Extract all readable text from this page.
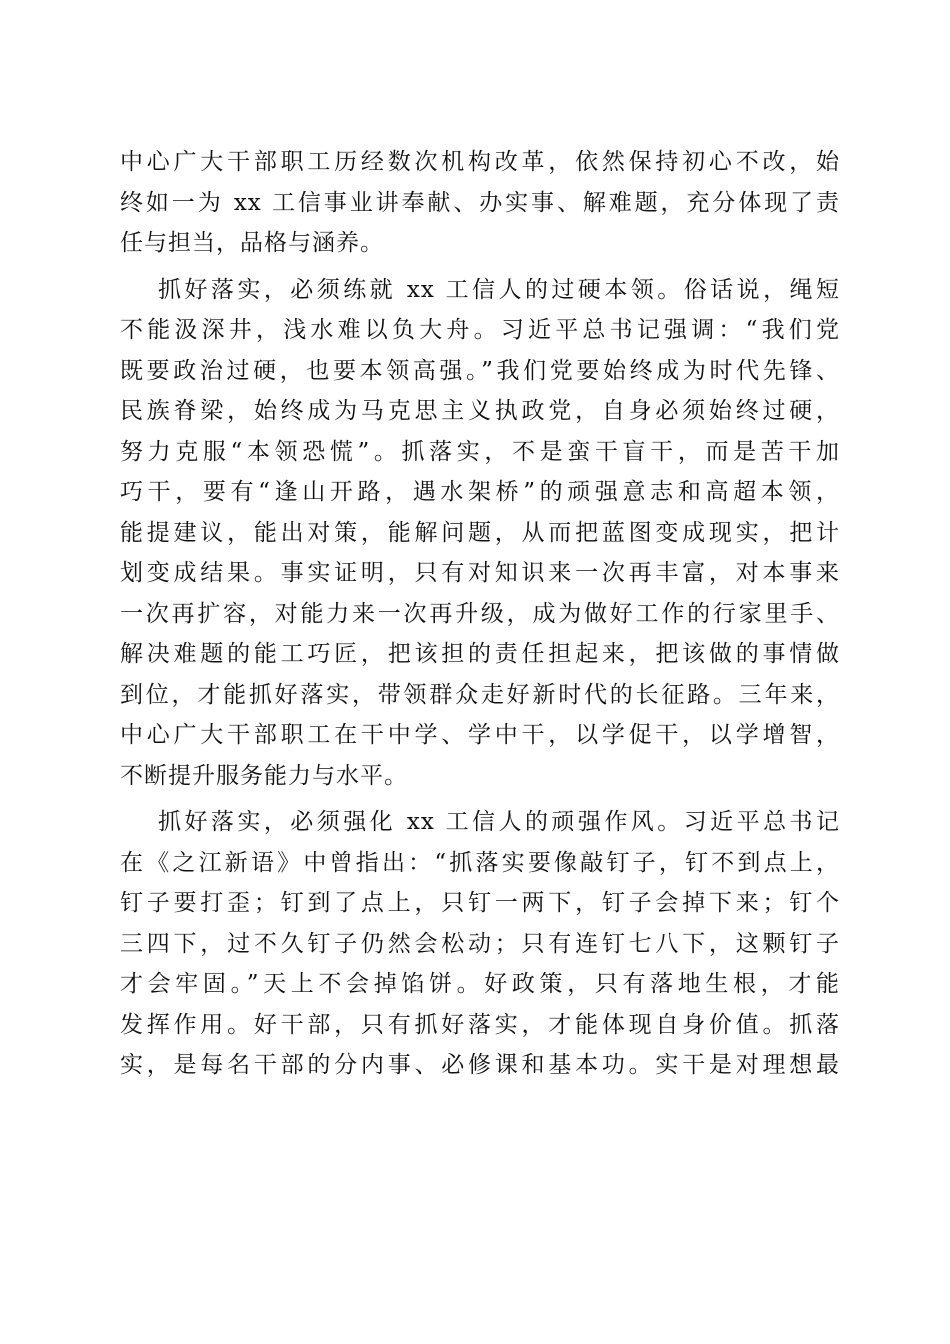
中心广大干部职工历经数次机构改革，依然保持初心不改，始
终如一为 xx 工信事业讲奉献、办实事、解难题，充分体现了责
任与担当，品格与涵养。
抓好落实，必须练就 xx 工信人的过硬本领。俗话说，绳短
不能汲深井，浅水难以负大舟。习近平总书记强调：“我们党
既要政治过硬，也要本领高强。”我们党要始终成为时代先锋、
民族脊梁，始终成为马克思主义执政党，自身必须始终过硬，
努力克服“本领恐慌”。抓落实，不是蛮干盲干，而是苦干加
巧干，要有“逢山开路，遇水架桥”的顽强意志和高超本领，
能提建议，能出对策，能解问题，从而把蓝图变成现实，把计
划变成结果。事实证明，只有对知识来一次再丰富，对本事来
一次再扩容，对能力来一次再升级，成为做好工作的行家里手、
解决难题的能工巧匠，把该担的责任担起来，把该做的事情做
到位，才能抓好落实，带领群众走好新时代的长征路。三年来，
中心广大干部职工在干中学、学中干，以学促干，以学增智，
不断提升服务能力与水平。
抓好落实，必须强化 xx 工信人的顽强作风。习近平总书记
在《之江新语》中曾指出：“抓落实要像敲钉子，钉不到点上，
钉子要打歪；钉到了点上，只钉一两下，钉子会掉下来；钉个
三四下，过不久钉子仍然会松动；只有连钉七八下，这颗钉子
才会牢固。”天上不会掉馅饼。好政策，只有落地生根，才能
发挥作用。好干部，只有抓好落实，才能体现自身价值。抓落
实，是每名干部的分内事、必修课和基本功。实干是对理想最
